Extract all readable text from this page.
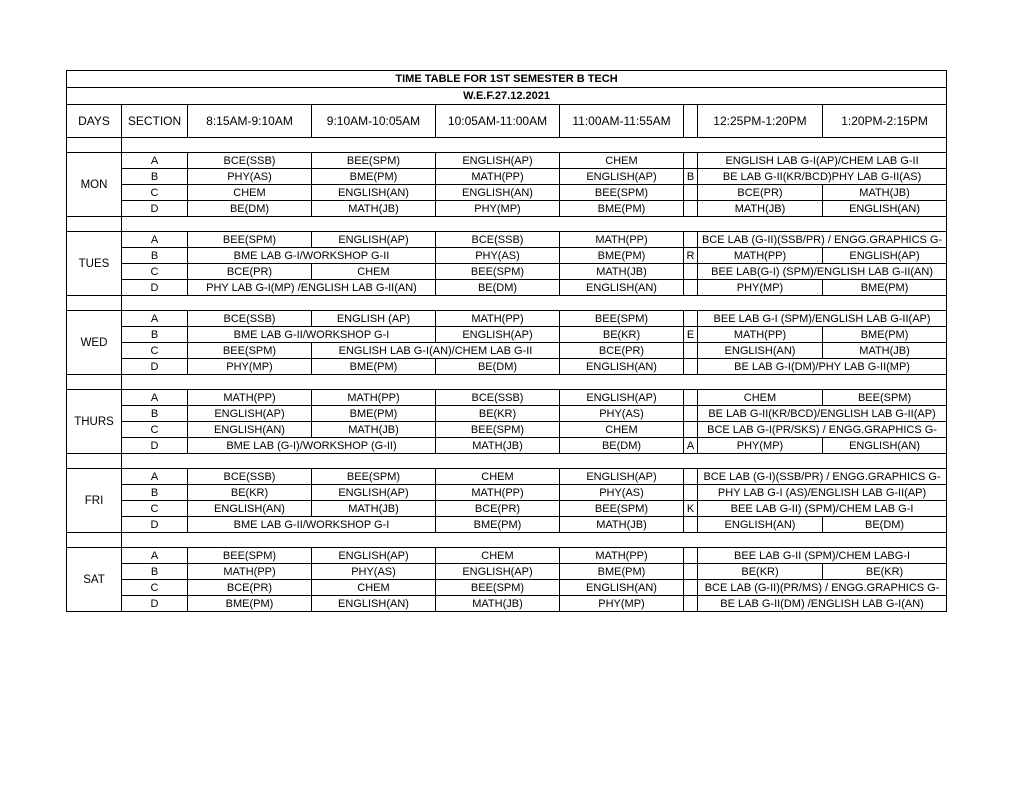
TIME TABLE FOR 1ST SEMESTER B TECH								
W.E.F.27.12.2021								
DAYS	SECTION	8:15AM-9:10AM	9:10AM-10:05AM	10:05AM-11:00AM	11:00AM-11:55AM		12:25PM-1:20PM	1:20PM-2:15PM

MON	A	BCE(SSB)	BEE(SPM)	ENGLISH(AP)	CHEM		ENGLISH LAB G-I(AP)/CHEM LAB G-II	
	B	PHY(AS)	BME(PM)	MATH(PP)	ENGLISH(AP)	B	BE LAB G-II(KR/BCD)PHY LAB G-II(AS)	
	C	CHEM	ENGLISH(AN)	ENGLISH(AN)	BEE(SPM)		BCE(PR)	MATH(JB)
	D	BE(DM)	MATH(JB)	PHY(MP)	BME(PM)		MATH(JB)	ENGLISH(AN)

TUES	A	BEE(SPM)	ENGLISH(AP)	BCE(SSB)	MATH(PP)		BCE LAB (G-II)(SSB/PR) / ENGG.GRAPHICS G-	
	B	BME LAB G-I/WORKSHOP G-II		PHY(AS)	BME(PM)	R	MATH(PP)	ENGLISH(AP)
	C	BCE(PR)	CHEM	BEE(SPM)	MATH(JB)		BEE LAB(G-I) (SPM)/ENGLISH LAB G-II(AN)	
	D	PHY LAB G-I(MP) /ENGLISH LAB G-II(AN)		BE(DM)	ENGLISH(AN)		PHY(MP)	BME(PM)

WED	A	BCE(SSB)	ENGLISH (AP)	MATH(PP)	BEE(SPM)		BEE LAB G-I (SPM)/ENGLISH LAB G-II(AP)	
	B	BME LAB G-II/WORKSHOP G-I		ENGLISH(AP)	BE(KR)	E	MATH(PP)	BME(PM)
	C	BEE(SPM)	ENGLISH LAB G-I(AN)/CHEM LAB G-II		BCE(PR)		ENGLISH(AN)	MATH(JB)
	D	PHY(MP)	BME(PM)	BE(DM)	ENGLISH(AN)		BE LAB G-I(DM)/PHY LAB G-II(MP)	

THURS	A	MATH(PP)	MATH(PP)	BCE(SSB)	ENGLISH(AP)		CHEM	BEE(SPM)
	B	ENGLISH(AP)	BME(PM)	BE(KR)	PHY(AS)		BE LAB G-II(KR/BCD)/ENGLISH LAB G-II(AP)	
	C	ENGLISH(AN)	MATH(JB)	BEE(SPM)	CHEM		BCE LAB G-I(PR/SKS) / ENGG.GRAPHICS G-	
	D	BME LAB (G-I)/WORKSHOP (G-II)		MATH(JB)	BE(DM)	A	PHY(MP)	ENGLISH(AN)

FRI	A	BCE(SSB)	BEE(SPM)	CHEM	ENGLISH(AP)		BCE LAB (G-I)(SSB/PR) / ENGG.GRAPHICS G-	
	B	BE(KR)	ENGLISH(AP)	MATH(PP)	PHY(AS)		PHY LAB G-I (AS)/ENGLISH LAB G-II(AP)	
	C	ENGLISH(AN)	MATH(JB)	BCE(PR)	BEE(SPM)	K	BEE LAB G-II) (SPM)/CHEM LAB G-I	
	D	BME LAB G-II/WORKSHOP G-I		BME(PM)	MATH(JB)		ENGLISH(AN)	BE(DM)

SAT	A	BEE(SPM)	ENGLISH(AP)	CHEM	MATH(PP)		BEE LAB G-II (SPM)/CHEM LABG-I	
	B	MATH(PP)	PHY(AS)	ENGLISH(AP)	BME(PM)		BE(KR)	BE(KR)
	C	BCE(PR)	CHEM	BEE(SPM)	ENGLISH(AN)		BCE LAB (G-II)(PR/MS) / ENGG.GRAPHICS G-	
	D	BME(PM)	ENGLISH(AN)	MATH(JB)	PHY(MP)		BE LAB G-II(DM) /ENGLISH LAB G-I(AN)	
